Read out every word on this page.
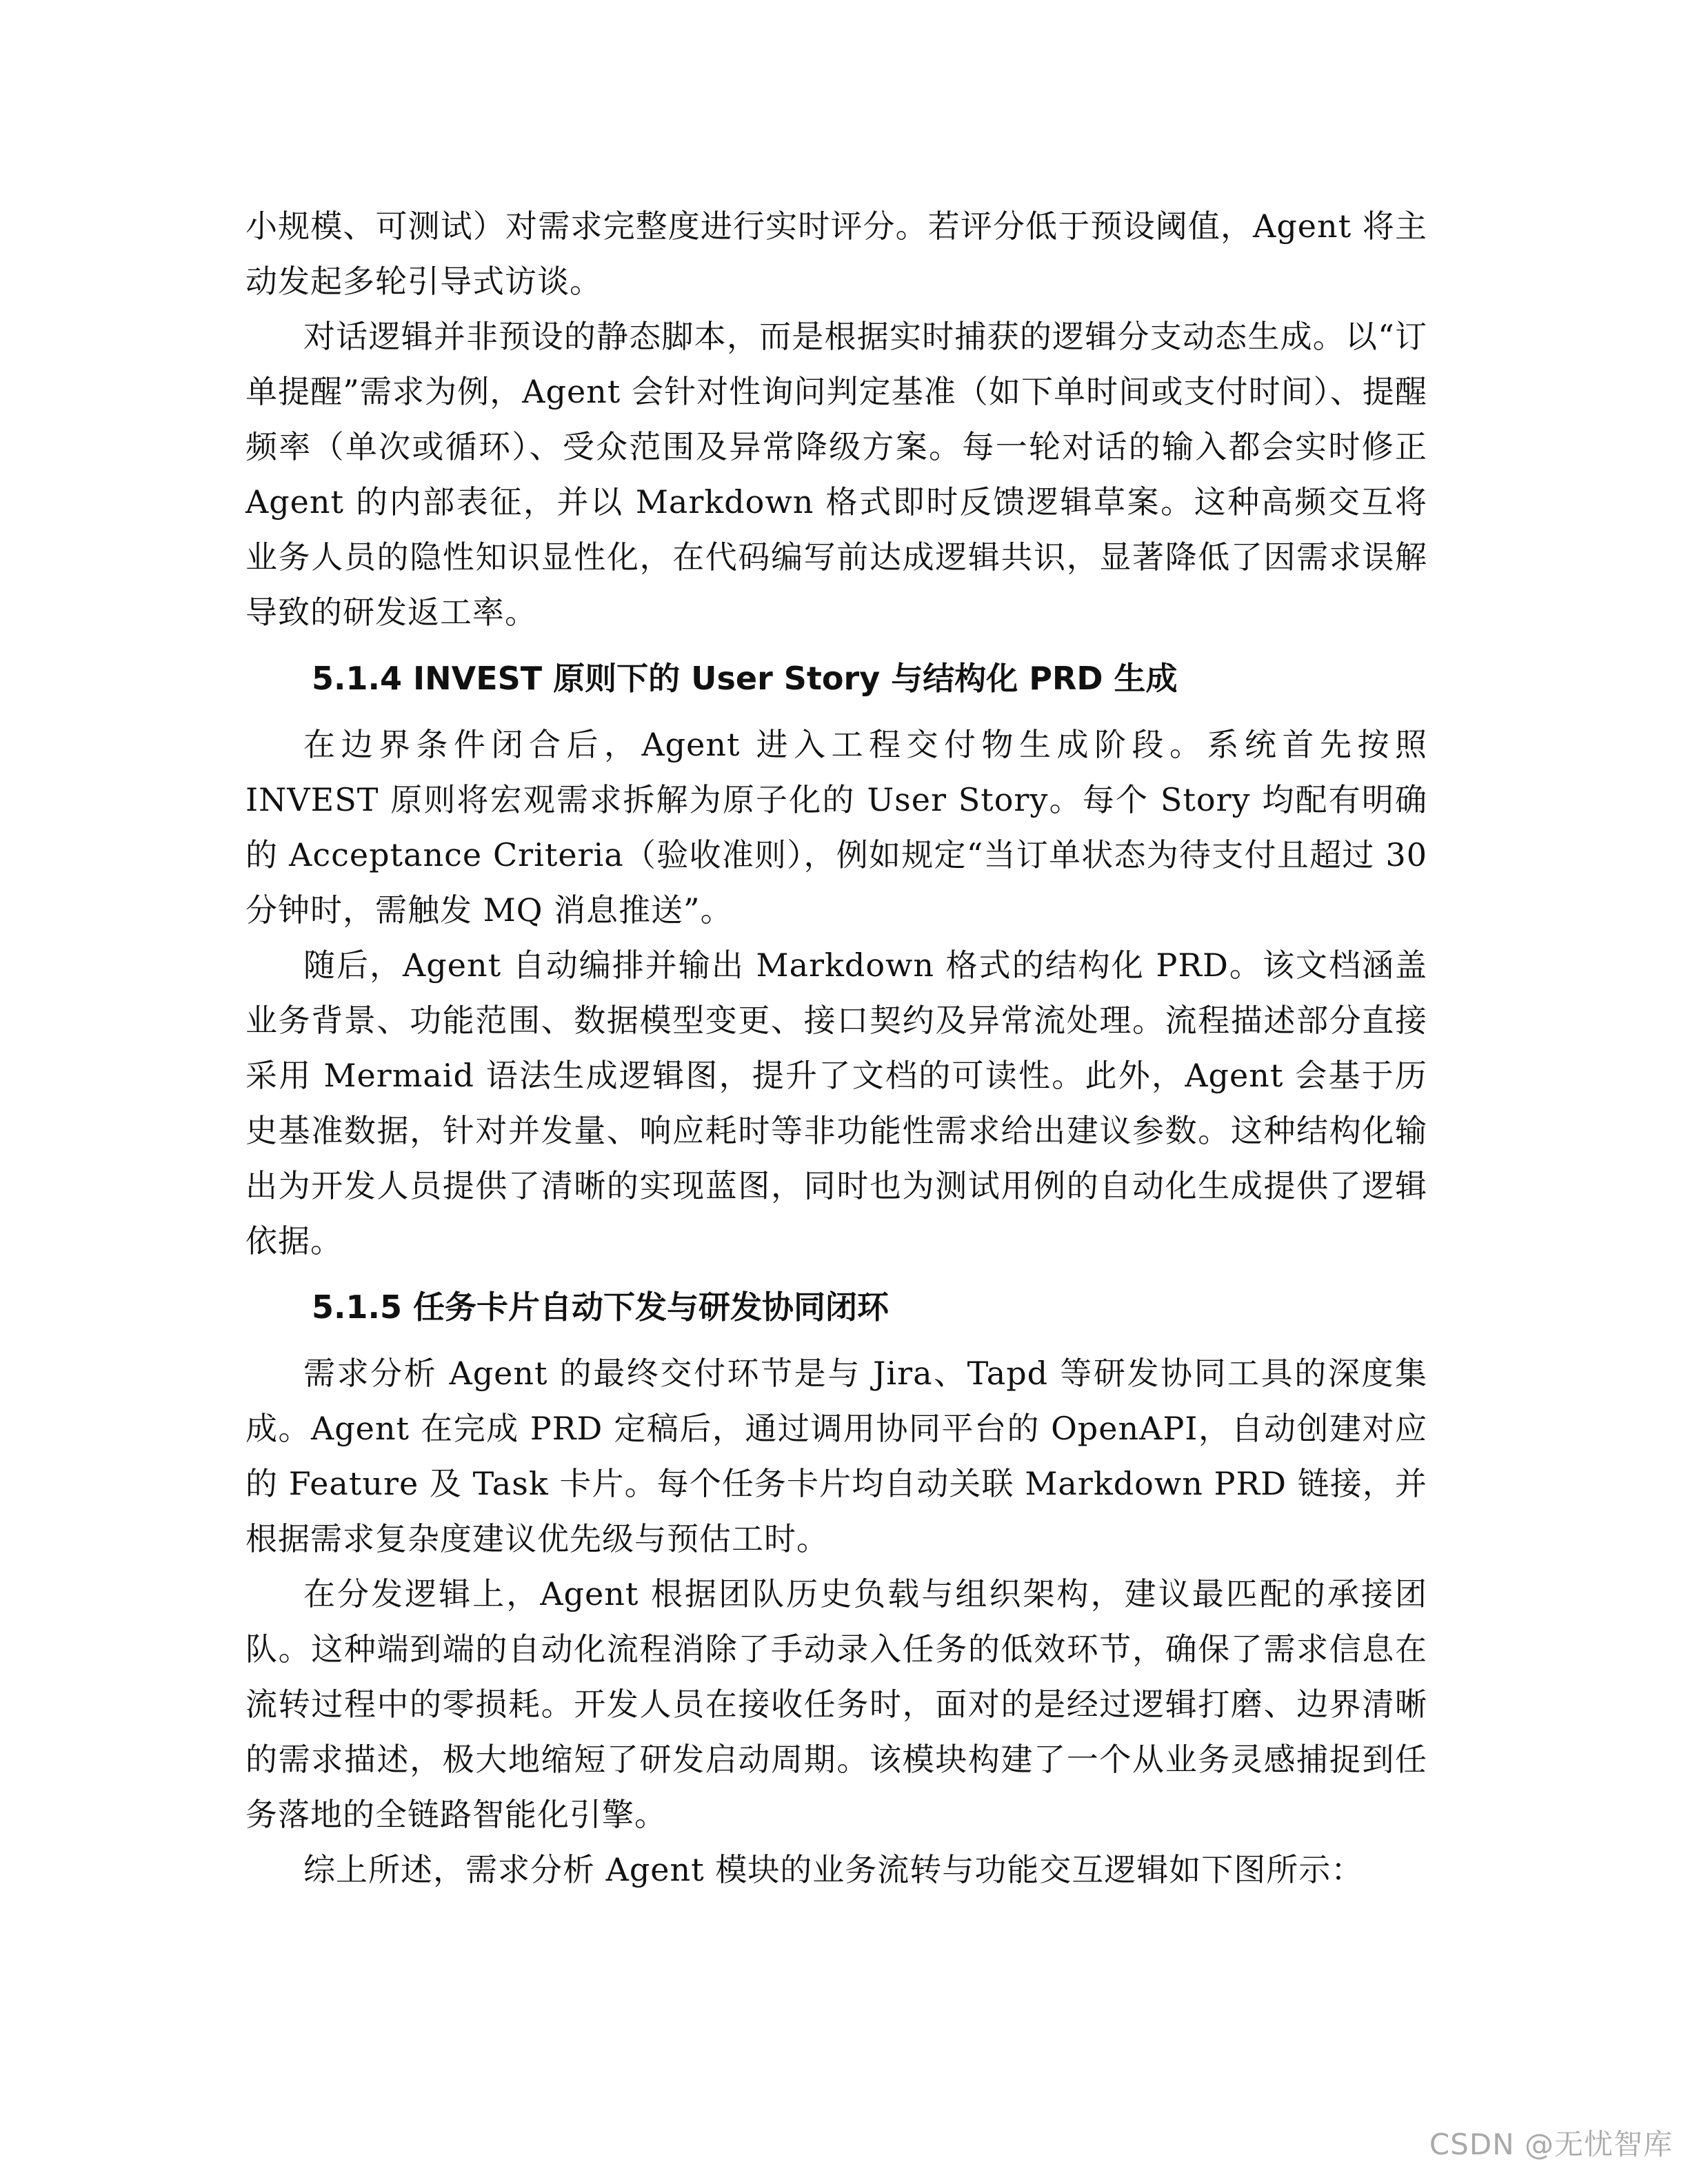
小规模、可测试）对需求完整度进行实时评分。若评分低于预设阈值，Agent 将主动发起多轮引导式访谈。

对话逻辑并非预设的静态脚本，而是根据实时捕获的逻辑分支动态生成。以“订单提醒”需求为例，Agent 会针对性询问判定基准（如下单时间或支付时间）、提醒频率（单次或循环）、受众范围及异常降级方案。每一轮对话的输入都会实时修正 Agent 的内部表征，并以 Markdown 格式即时反馈逻辑草案。这种高频交互将业务人员的隐性知识显性化，在代码编写前达成逻辑共识，显著降低了因需求误解导致的研发返工率。

5.1.4 INVEST 原则下的 User Story 与结构化 PRD 生成

在边界条件闭合后，Agent 进入工程交付物生成阶段。系统首先按照 INVEST 原则将宏观需求拆解为原子化的 User Story。每个 Story 均配有明确的 Acceptance Criteria（验收准则），例如规定“当订单状态为待支付且超过 30 分钟时，需触发 MQ 消息推送”。

随后，Agent 自动编排并输出 Markdown 格式的结构化 PRD。该文档涵盖业务背景、功能范围、数据模型变更、接口契约及异常流处理。流程描述部分直接采用 Mermaid 语法生成逻辑图，提升了文档的可读性。此外，Agent 会基于历史基准数据，针对并发量、响应耗时等非功能性需求给出建议参数。这种结构化输出为开发人员提供了清晰的实现蓝图，同时也为测试用例的自动化生成提供了逻辑依据。

5.1.5 任务卡片自动下发与研发协同闭环

需求分析 Agent 的最终交付环节是与 Jira、Tapd 等研发协同工具的深度集成。Agent 在完成 PRD 定稿后，通过调用协同平台的 OpenAPI，自动创建对应的 Feature 及 Task 卡片。每个任务卡片均自动关联 Markdown PRD 链接，并根据需求复杂度建议优先级与预估工时。

在分发逻辑上，Agent 根据团队历史负载与组织架构，建议最匹配的承接团队。这种端到端的自动化流程消除了手动录入任务的低效环节，确保了需求信息在流转过程中的零损耗。开发人员在接收任务时，面对的是经过逻辑打磨、边界清晰的需求描述，极大地缩短了研发启动周期。该模块构建了一个从业务灵感捕捉到任务落地的全链路智能化引擎。

综上所述，需求分析 Agent 模块的业务流转与功能交互逻辑如下图所示：

CSDN @无忧智库
